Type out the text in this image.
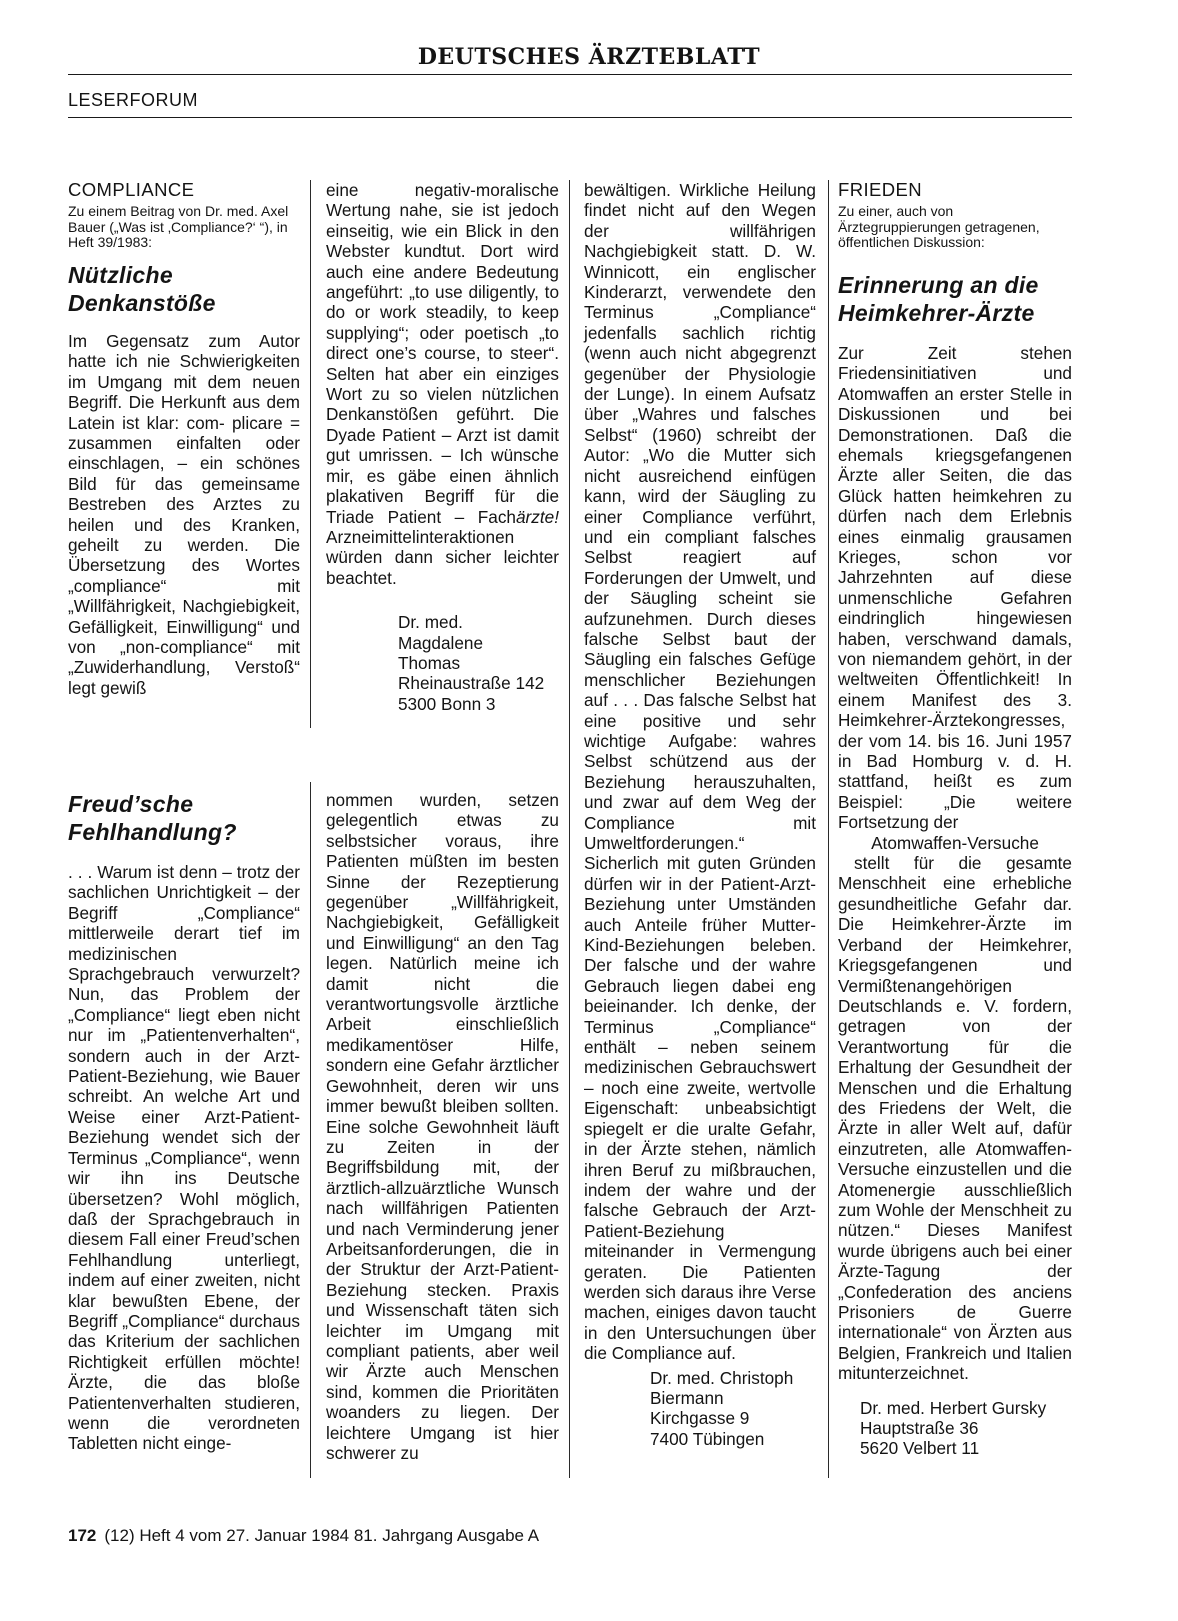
DEUTSCHES ÄRZTEBLATT
LESERFORUM
COMPLIANCE
Zu einem Beitrag von Dr. med. Axel Bauer („Was ist ‚Compliance?‘ “), in Heft 39/1983:
Nützliche Denkanstöße

Im Gegensatz zum Autor hatte ich nie Schwierigkeiten im Umgang mit dem neuen Begriff. Die Herkunft aus dem Latein ist klar: com- plicare = zusammen einfalten oder einschlagen, – ein schönes Bild für das gemeinsame Bestreben des Arztes zu heilen und des Kranken, geheilt zu werden. Die Übersetzung des Wortes „compliance“ mit „Willfährigkeit, Nachgiebigkeit, Gefälligkeit, Einwilligung“ und von „non-compliance“ mit „Zuwiderhandlung, Verstoß“ legt gewiß

Freud’sche Fehlhandlung?

. . . Warum ist denn – trotz der sachlichen Unrichtigkeit – der Begriff „Compliance“ mittlerweile derart tief im medizinischen Sprachgebrauch verwurzelt? Nun, das Problem der „Compliance“ liegt eben nicht nur im „Patientenverhalten“, sondern auch in der Arzt-Patient-Beziehung, wie Bauer schreibt. An welche Art und Weise einer Arzt-Patient-Beziehung wendet sich der Terminus „Compliance“, wenn wir ihn ins Deutsche übersetzen? Wohl möglich, daß der Sprachgebrauch in diesem Fall einer Freud’schen Fehlhandlung unterliegt, indem auf einer zweiten, nicht klar bewußten Ebene, der Begriff „Compliance“ durchaus das Kriterium der sachlichen Richtigkeit erfüllen möchte! Ärzte, die das bloße Patientenverhalten studieren, wenn die verordneten Tabletten nicht einge-

eine negativ-moralische Wertung nahe, sie ist jedoch einseitig, wie ein Blick in den Webster kundtut. Dort wird auch eine andere Bedeutung angeführt: „to use diligently, to do or work steadily, to keep supplying“; oder poetisch „to direct one’s course, to steer“. Selten hat aber ein einziges Wort zu so vielen nützlichen Denkanstößen geführt. Die Dyade Patient – Arzt ist damit gut umrissen. – Ich wünsche mir, es gäbe einen ähnlich plakativen Begriff für die Triade Patient – Fachärzte! Arzneimittelinteraktionen würden dann sicher leichter beachtet.

Dr. med.
Magdalene
Thomas
Rheinaustraße 142
5300 Bonn 3

nommen wurden, setzen gelegentlich etwas zu selbstsicher voraus, ihre Patienten müßten im besten Sinne der Rezeptierung gegenüber „Willfährigkeit, Nachgiebigkeit, Gefälligkeit und Einwilligung“ an den Tag legen. Natürlich meine ich damit nicht die verantwortungsvolle ärztliche Arbeit einschließlich medikamentöser Hilfe, sondern eine Gefahr ärztlicher Gewohnheit, deren wir uns immer bewußt bleiben sollten. Eine solche Gewohnheit läuft zu Zeiten in der Begriffsbildung mit, der ärztlich-allzuärztliche Wunsch nach willfährigen Patienten und nach Verminderung jener Arbeitsanforderungen, die in der Struktur der Arzt-Patient-Beziehung stecken. Praxis und Wissenschaft täten sich leichter im Umgang mit compliant patients, aber weil wir Ärzte auch Menschen sind, kommen die Prioritäten woanders zu liegen. Der leichtere Umgang ist hier schwerer zu

bewältigen. Wirkliche Heilung findet nicht auf den Wegen der willfährigen Nachgiebigkeit statt. D. W. Winnicott, ein englischer Kinderarzt, verwendete den Terminus „Compliance“ jedenfalls sachlich richtig (wenn auch nicht abgegrenzt gegenüber der Physiologie der Lunge). In einem Aufsatz über „Wahres und falsches Selbst“ (1960) schreibt der Autor: „Wo die Mutter sich nicht ausreichend einfügen kann, wird der Säugling zu einer Compliance verführt, und ein compliant falsches Selbst reagiert auf Forderungen der Umwelt, und der Säugling scheint sie aufzunehmen. Durch dieses falsche Selbst baut der Säugling ein falsches Gefüge menschlicher Beziehungen auf . . . Das falsche Selbst hat eine positive und sehr wichtige Aufgabe: wahres Selbst schützend aus der Beziehung herauszuhalten, und zwar auf dem Weg der Compliance mit Umweltforderungen.“ Sicherlich mit guten Gründen dürfen wir in der Patient-Arzt-Beziehung unter Umständen auch Anteile früher Mutter-Kind-Beziehungen beleben. Der falsche und der wahre Gebrauch liegen dabei eng beieinander. Ich denke, der Terminus „Compliance“ enthält – neben seinem medizinischen Gebrauchswert – noch eine zweite, wertvolle Eigenschaft: unbeabsichtigt spiegelt er die uralte Gefahr, in der Ärzte stehen, nämlich ihren Beruf zu mißbrauchen, indem der wahre und der falsche Gebrauch der Arzt-Patient-Beziehung miteinander in Vermengung geraten. Die Patienten werden sich daraus ihre Verse machen, einiges davon taucht in den Untersuchungen über die Compliance auf.

Dr. med. Christoph
Biermann
Kirchgasse 9
7400 Tübingen
FRIEDEN
Zu einer, auch von Ärztegruppierungen getragenen, öffentlichen Diskussion:
Erinnerung an die Heimkehrer-Ärzte

Zur Zeit stehen Friedensinitiativen und Atomwaffen an erster Stelle in Diskussionen und bei Demonstrationen. Daß die ehemals kriegsgefangenen Ärzte aller Seiten, die das Glück hatten heimkehren zu dürfen nach dem Erlebnis eines einmalig grausamen Krieges, schon vor Jahrzehnten auf diese unmenschliche Gefahren eindringlich hingewiesen haben, verschwand damals, von niemandem gehört, in der weltweiten Öffentlichkeit! In einem Manifest des 3. Heimkehrer-Ärztekongresses, der vom 14. bis 16. Juni 1957 in Bad Homburg v. d. H. stattfand, heißt es zum Beispiel: „Die weitere Fortsetzung der

Atomwaffen-Versuche

stellt für die gesamte Menschheit eine erhebliche gesundheitliche Gefahr dar. Die Heimkehrer-Ärzte im Verband der Heimkehrer, Kriegsgefangenen und Vermißtenangehörigen Deutschlands e. V. fordern, getragen von der Verantwortung für die Erhaltung der Gesundheit der Menschen und die Erhaltung des Friedens der Welt, die Ärzte in aller Welt auf, dafür einzutreten, alle Atomwaffen-Versuche einzustellen und die Atomenergie ausschließlich zum Wohle der Menschheit zu nützen.“ Dieses Manifest wurde übrigens auch bei einer Ärzte-Tagung der „Confederation des anciens Prisoniers de Guerre internationale“ von Ärzten aus Belgien, Frankreich und Italien mitunterzeichnet.

Dr. med. Herbert Gursky
Hauptstraße 36
5620 Velbert 11
172 (12) Heft 4 vom 27. Januar 1984 81. Jahrgang Ausgabe A
